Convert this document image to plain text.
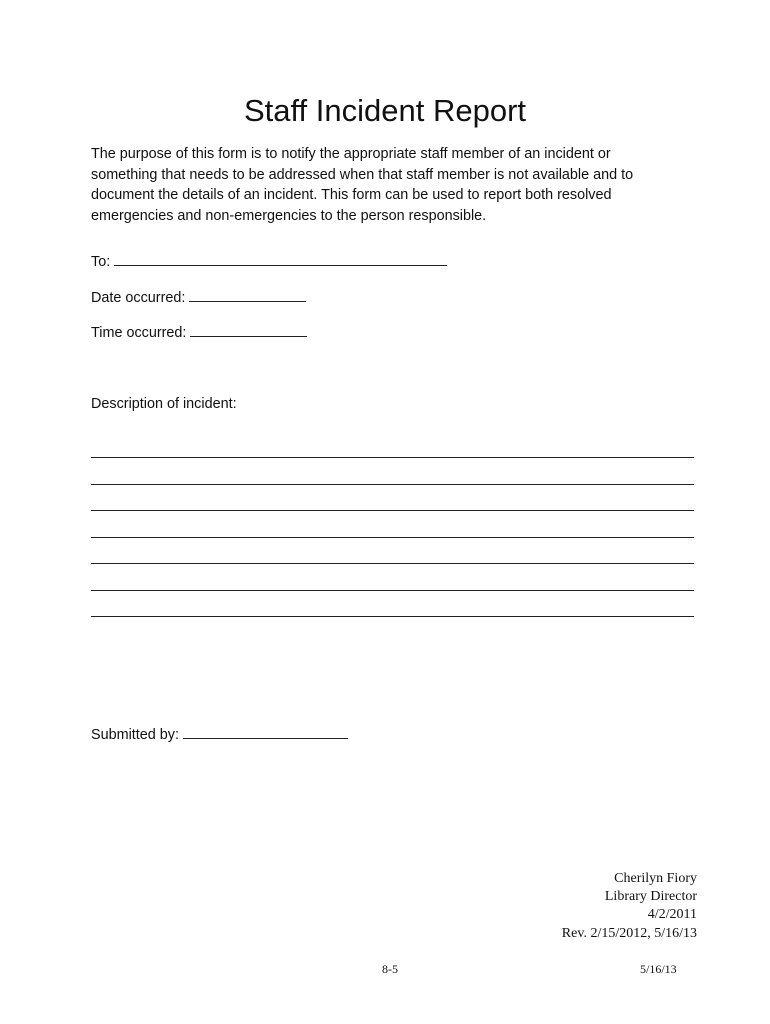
Staff Incident Report
The purpose of this form is to notify the appropriate staff member of an incident or
something that needs to be addressed when that staff member is not available and to
document the details of an incident. This form can be used to report both resolved
emergencies and non-emergencies to the person responsible.
To:
Date occurred:
Time occurred:
Description of incident:
Submitted by:
Cherilyn Fiory
Library Director
4/2/2011
Rev. 2/15/2012, 5/16/13
8-5	5/16/13
